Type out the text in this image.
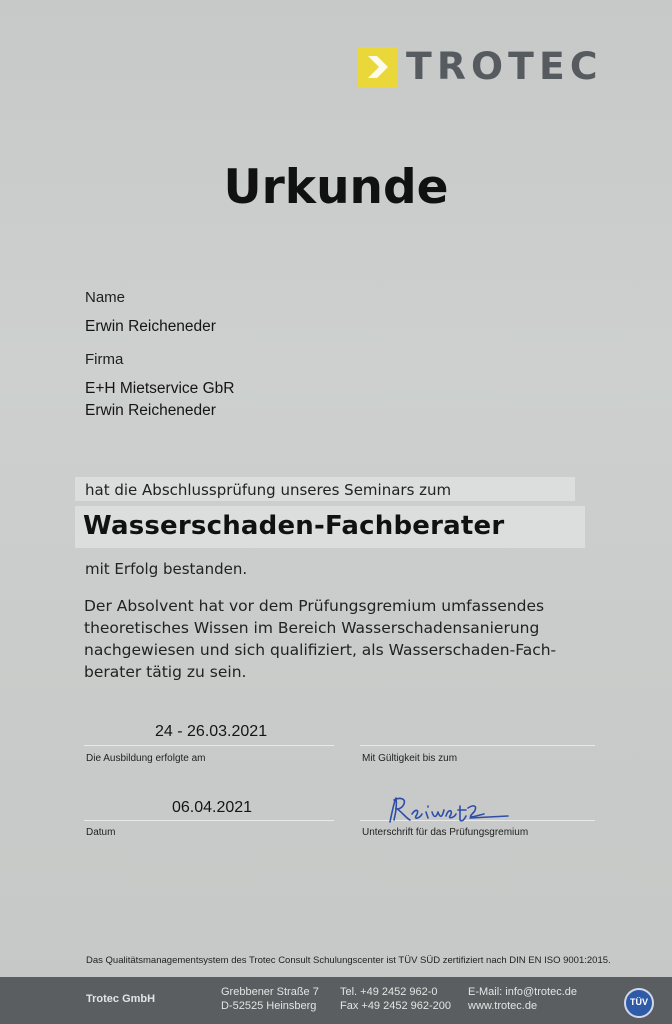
TROTEC
Urkunde
Name
Erwin Reicheneder
Firma
E+H Mietservice GbR
Erwin Reicheneder
hat die Abschlussprüfung unseres Seminars zum
Wasserschaden-Fachberater
mit Erfolg bestanden.
Der Absolvent hat vor dem Prüfungsgremium umfassendes
theoretisches Wissen im Bereich Wasserschadensanierung
nachgewiesen und sich qualifiziert, als Wasserschaden-Fach-
berater tätig zu sein.
24 - 26.03.2021
Die Ausbildung erfolgte am	Mit Gültigkeit bis zum
06.04.2021
Datum	Unterschrift für das Prüfungsgremium
Das Qualitätsmanagementsystem des Trotec Consult Schulungscenter ist TÜV SÜD zertifiziert nach DIN EN ISO 9001:2015.
Trotec GmbH
Grebbener Straße 7
D-52525 Heinsberg
Tel. +49 2452 962-0
Fax +49 2452 962-200
E-Mail: info@trotec.de
www.trotec.de	TÜV
